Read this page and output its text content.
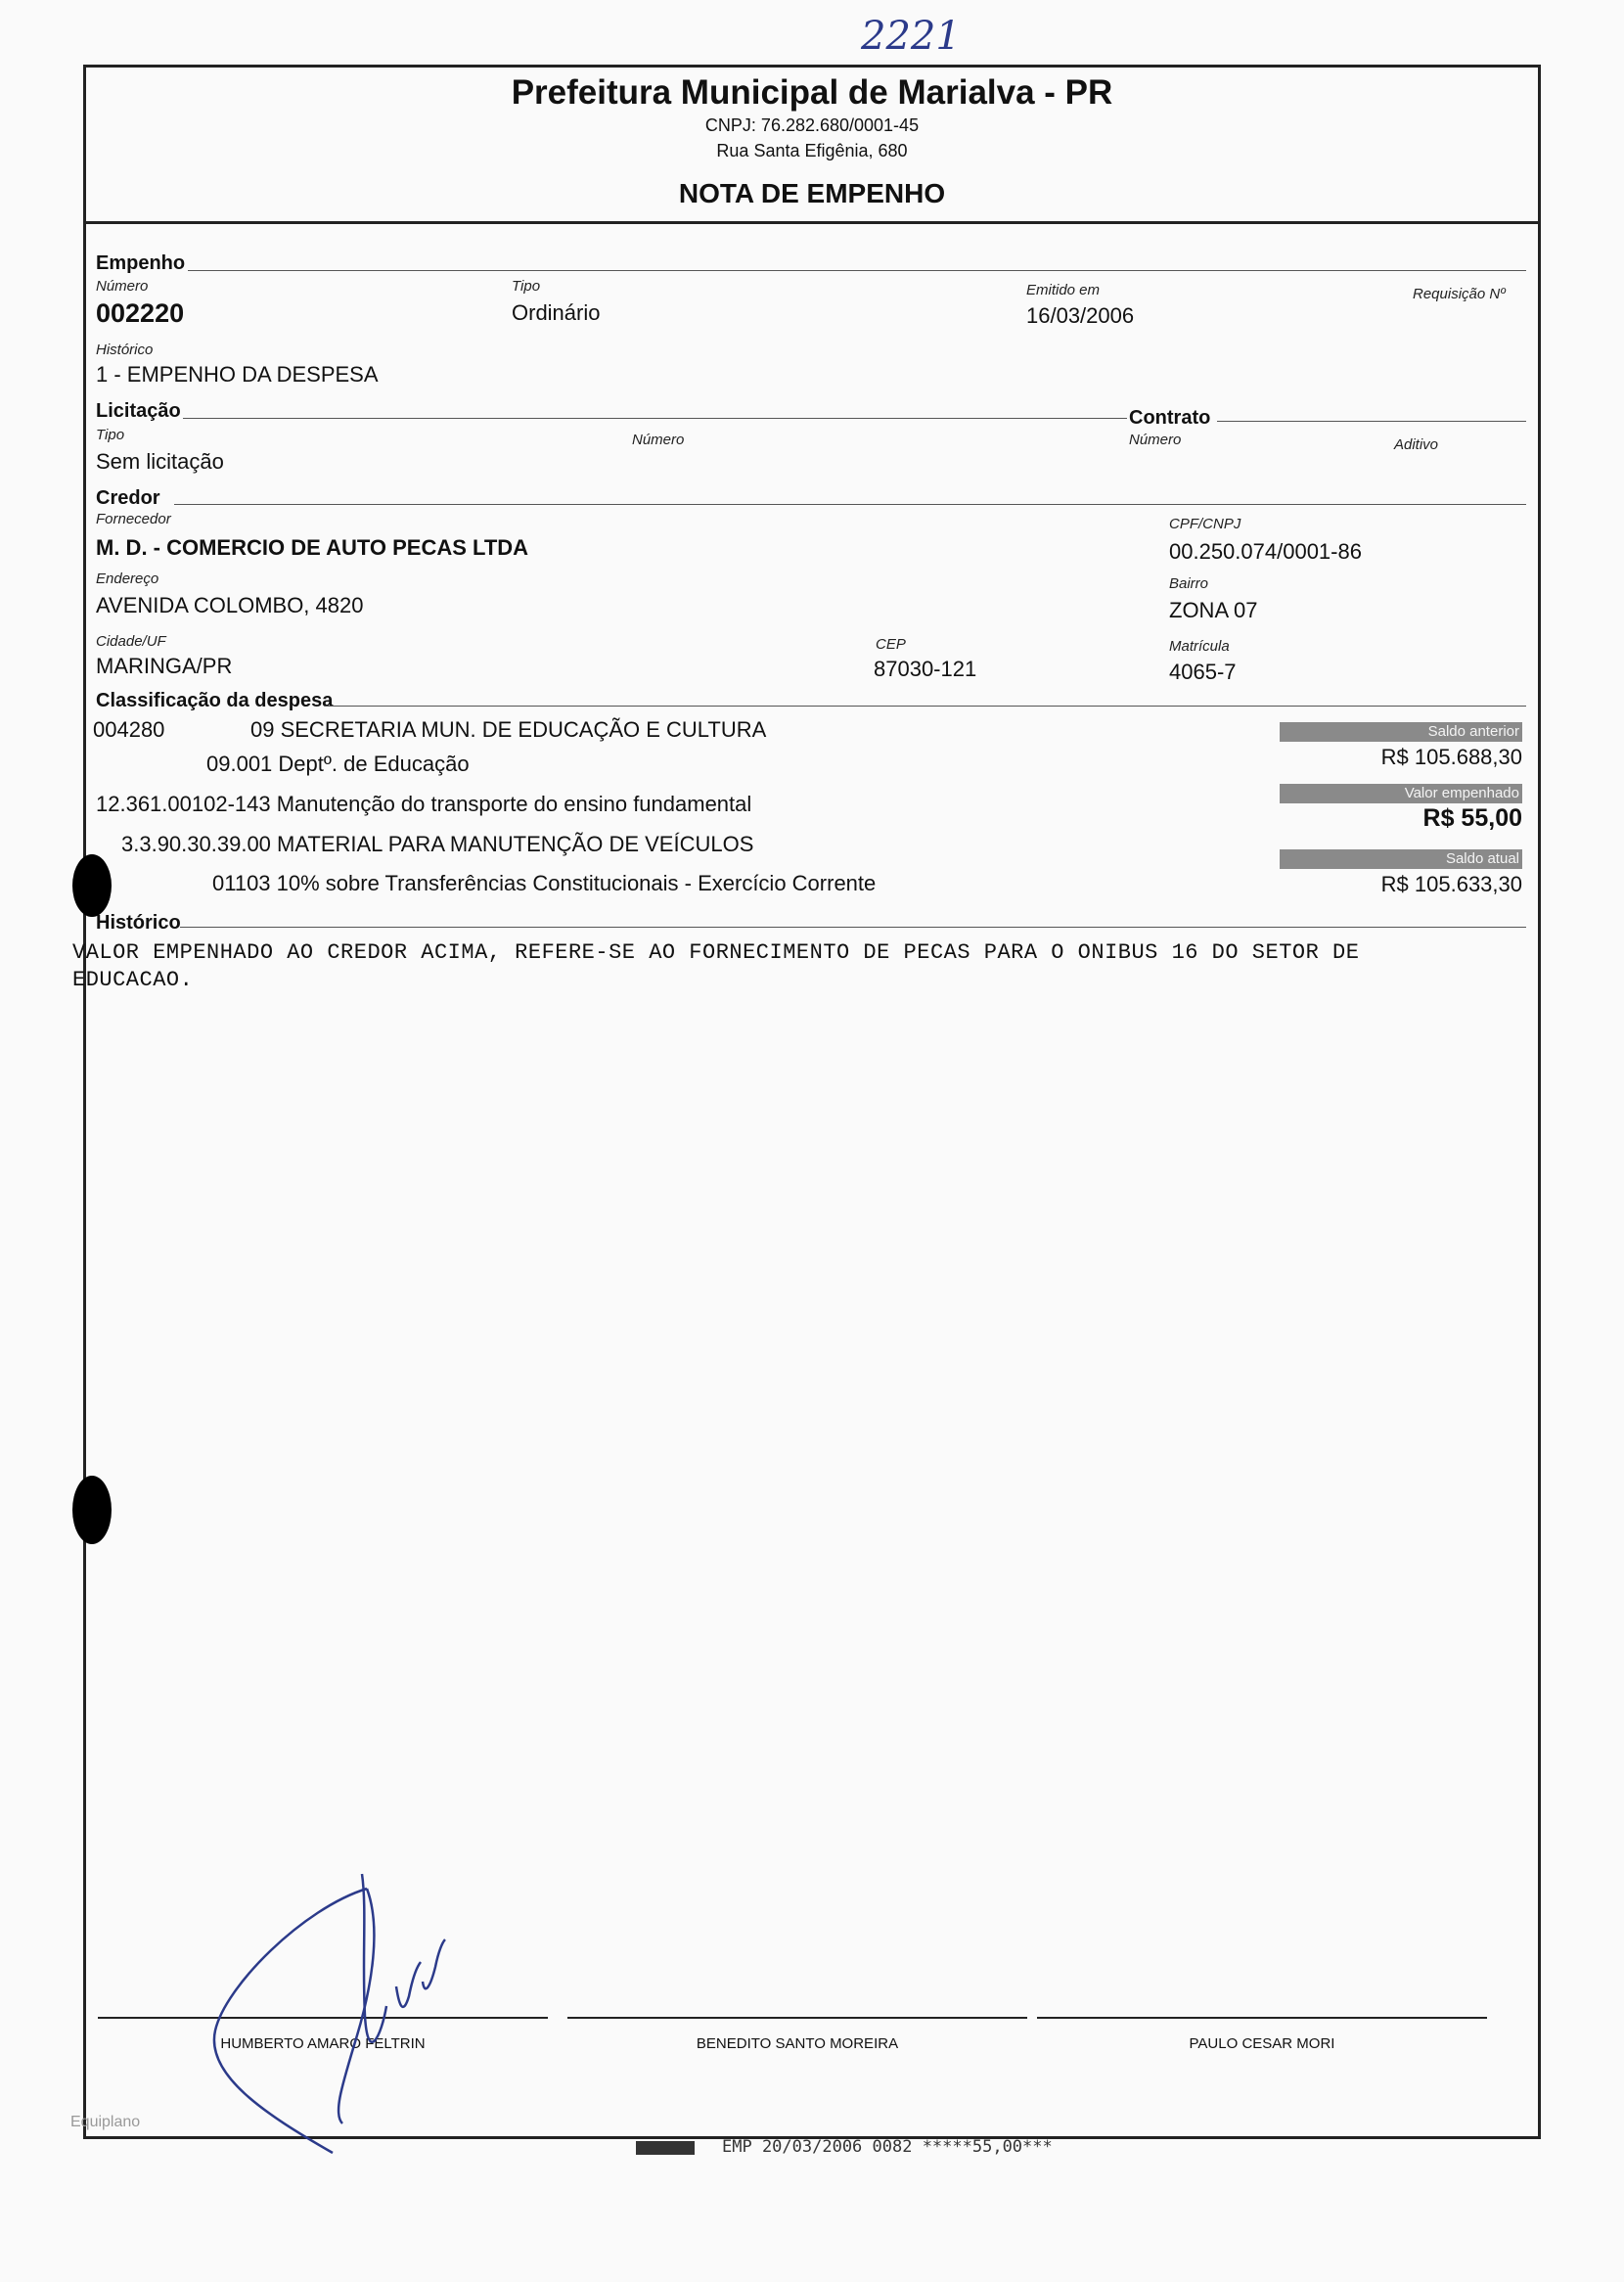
2221
Prefeitura Municipal de Marialva - PR
CNPJ: 76.282.680/0001-45
Rua Santa Efigênia, 680
NOTA DE EMPENHO
Empenho
Número
002220
Tipo
Ordinário
Emitido em
16/03/2006
Requisição Nº
Histórico
1 - EMPENHO DA DESPESA
Licitação	Contrato
Tipo
Sem licitação
Número	Número	Aditivo
Credor
Fornecedor
M. D. - COMERCIO DE AUTO PECAS LTDA
CPF/CNPJ
00.250.074/0001-86
Endereço
AVENIDA COLOMBO, 4820
Bairro
ZONA 07
Cidade/UF
MARINGA/PR
CEP
87030-121
Matrícula
4065-7
Classificação da despesa
004280	09 SECRETARIA MUN. DE EDUCAÇÃO E CULTURA
09.001 Deptº. de Educação
12.361.00102-143 Manutenção do transporte do ensino fundamental
3.3.90.30.39.00 MATERIAL PARA MANUTENÇÃO DE VEÍCULOS
01103 10% sobre Transferências Constitucionais - Exercício Corrente
Saldo anterior
R$ 105.688,30
Valor empenhado
R$ 55,00
Saldo atual
R$ 105.633,30
Histórico
VALOR EMPENHADO AO CREDOR ACIMA, REFERE-SE AO FORNECIMENTO DE PECAS PARA O ONIBUS 16 DO SETOR DE
EDUCACAO.
HUMBERTO AMARO FELTRIN	BENEDITO SANTO MOREIRA	PAULO CESAR MORI
Equiplano
EMP 20/03/2006 0082 *****55,00***
